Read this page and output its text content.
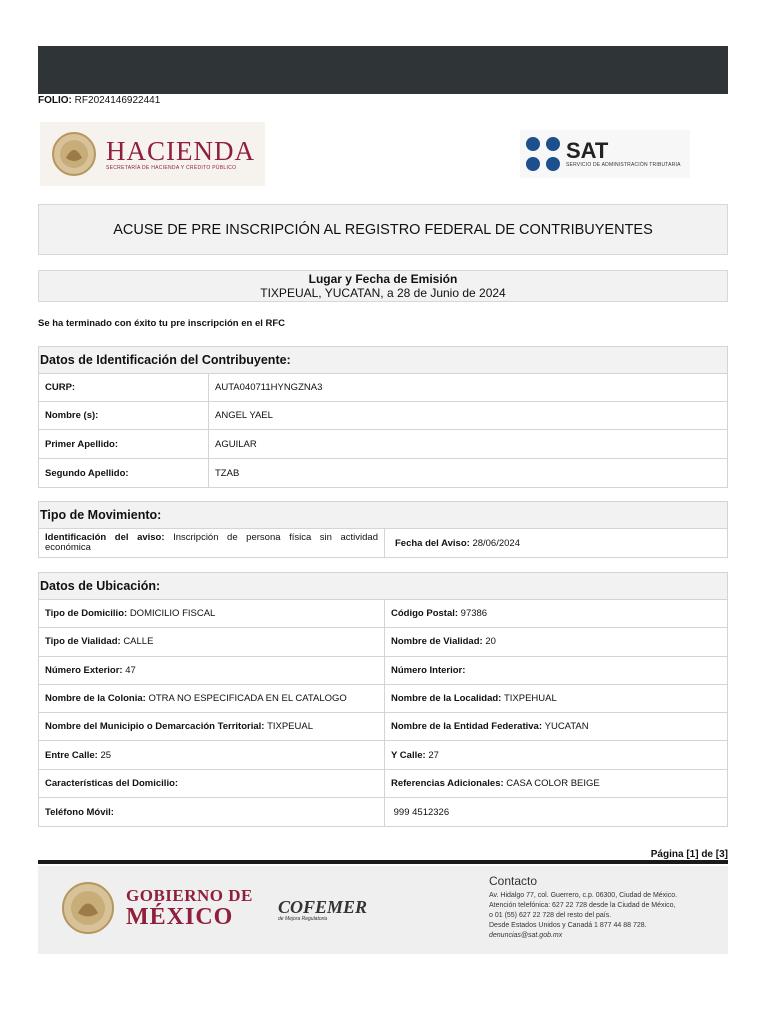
FOLIO: RF2024146922441
HACIENDA
SECRETARÍA DE HACIENDA Y CRÉDITO PÚBLICO
SAT
SERVICIO DE ADMINISTRACIÓN TRIBUTARIA
ACUSE DE PRE INSCRIPCIÓN AL REGISTRO FEDERAL DE CONTRIBUYENTES
Lugar y Fecha de Emisión
TIXPEUAL, YUCATAN, a 28 de Junio de 2024
Se ha terminado con éxito tu pre inscripción en el RFC
Datos de Identificación del Contribuyente:
CURP:	AUTA040711HYNGZNA3
Nombre (s):	ANGEL YAEL
Primer Apellido:	AGUILAR
Segundo Apellido:	TZAB
Tipo de Movimiento:
Identificación del aviso: Inscripción de persona física sin actividad económica	Fecha del Aviso:
28/06/2024
Datos de Ubicación:
Tipo de Domicilio:
DOMICILIO FISCAL	Código Postal:
97386
Tipo de Vialidad:
CALLE	Nombre de Vialidad:
20
Número Exterior:
47	Número Interior:

Nombre de la Colonia:
OTRA NO ESPECIFICADA EN EL CATALOGO	Nombre de la Localidad:
TIXPEHUAL
Nombre del Municipio o Demarcación Territorial:
TIXPEUAL	Nombre de la Entidad Federativa:
YUCATAN
Entre Calle:
25	Y Calle:
27
Características del Domicilio:
	Referencias Adicionales:
CASA COLOR BEIGE
Teléfono Móvil:

	999 4512326
Página [1] de [3]
GOBIERNO DE
MÉXICO	COFEMER
de Mejora Regulatoria
Contacto
Av. Hidalgo 77, col. Guerrero, c.p. 06300, Ciudad de México.
Atención telefónica: 627 22 728 desde la Ciudad de México,
o 01 (55) 627 22 728 del resto del país.
Desde Estados Unidos y Canadá 1 877 44 88 728.
denuncias@sat.gob.mx
